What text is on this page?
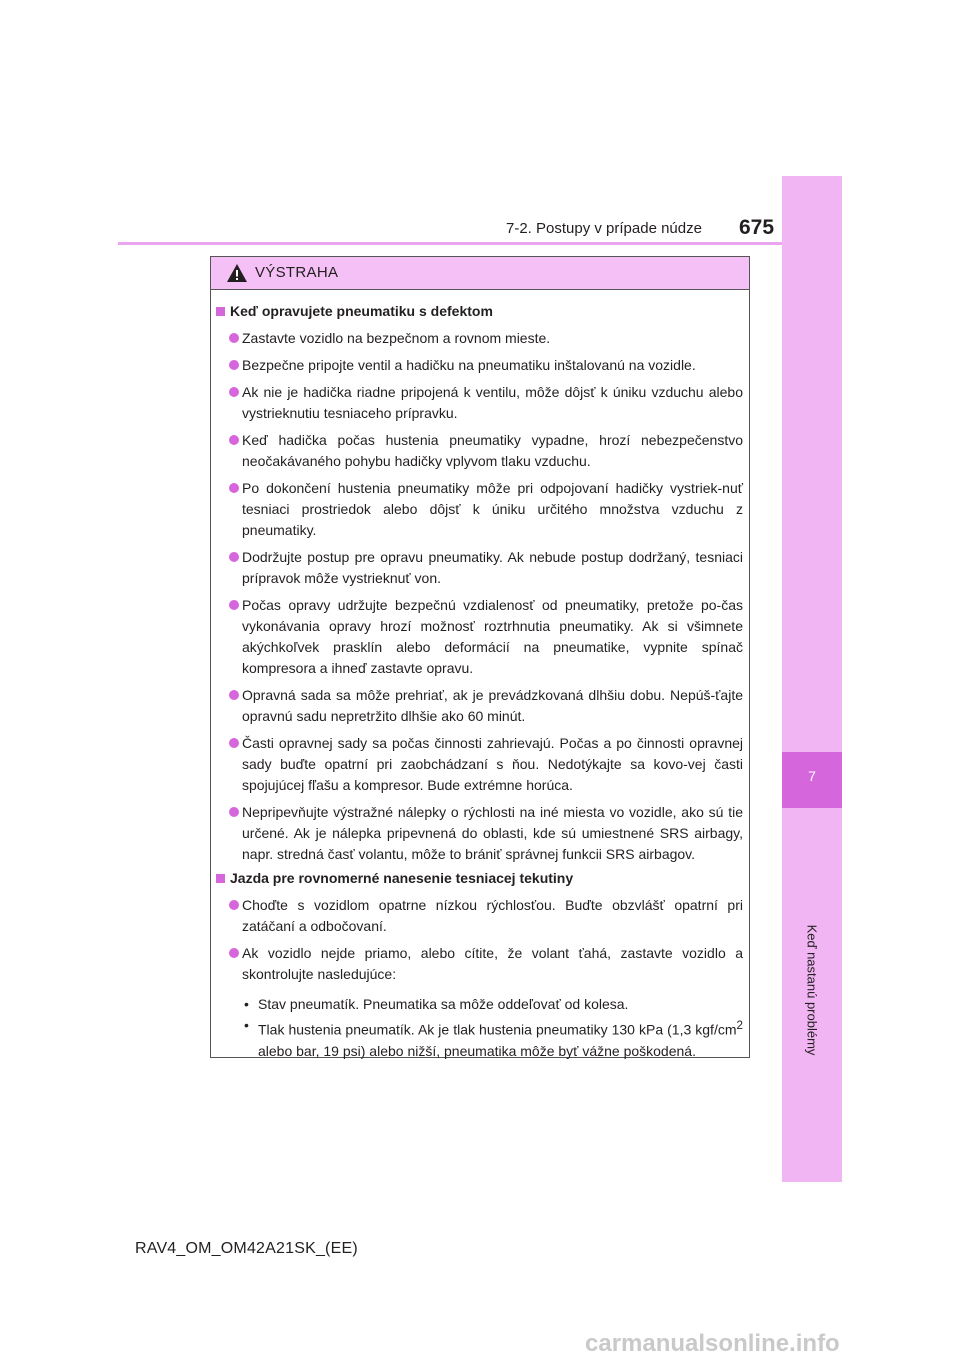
7-2. Postupy v prípade núdze 675
7
Keď nastanú problémy
VÝSTRAHA
Keď opravujete pneumatiku s defektom
Zastavte vozidlo na bezpečnom a rovnom mieste.
Bezpečne pripojte ventil a hadičku na pneumatiku inštalovanú na vozidle.
Ak nie je hadička riadne pripojená k ventilu, môže dôjsť k úniku vzduchu alebo vystrieknutiu tesniaceho prípravku.
Keď hadička počas hustenia pneumatiky vypadne, hrozí nebezpečenstvo neočakávaného pohybu hadičky vplyvom tlaku vzduchu.
Po dokončení hustenia pneumatiky môže pri odpojovaní hadičky vystriek-nuť tesniaci prostriedok alebo dôjsť k úniku určitého množstva vzduchu z pneumatiky.
Dodržujte postup pre opravu pneumatiky. Ak nebude postup dodržaný, tesniaci prípravok môže vystrieknuť von.
Počas opravy udržujte bezpečnú vzdialenosť od pneumatiky, pretože po-čas vykonávania opravy hrozí možnosť roztrhnutia pneumatiky. Ak si všimnete akýchkoľvek prasklín alebo deformácií na pneumatike, vypnite spínač kompresora a ihneď zastavte opravu.
Opravná sada sa môže prehriať, ak je prevádzkovaná dlhšiu dobu. Nepúš-ťajte opravnú sadu nepretržito dlhšie ako 60 minút.
Časti opravnej sady sa počas činnosti zahrievajú. Počas a po činnosti opravnej sady buďte opatrní pri zaobchádzaní s ňou. Nedotýkajte sa kovo-vej časti spojujúcej fľašu a kompresor. Bude extrémne horúca.
Nepripevňujte výstražné nálepky o rýchlosti na iné miesta vo vozidle, ako sú tie určené. Ak je nálepka pripevnená do oblasti, kde sú umiestnené SRS airbagy, napr. stredná časť volantu, môže to brániť správnej funkcii SRS airbagov.
Jazda pre rovnomerné nanesenie tesniacej tekutiny
Choďte s vozidlom opatrne nízkou rýchlosťou. Buďte obzvlášť opatrní pri zatáčaní a odbočovaní.
Ak vozidlo nejde priamo, alebo cítite, že volant ťahá, zastavte vozidlo a skontrolujte nasledujúce:
• Stav pneumatík. Pneumatika sa môže oddeľovať od kolesa.
• Tlak hustenia pneumatík. Ak je tlak hustenia pneumatiky 130 kPa (1,3 kgf/$cm^2$ alebo bar, 19 psi) alebo nižší, pneumatika môže byť vážne poškodená.
RAV4_OM_OM42A21SK_(EE)
carmanualsonline.info
